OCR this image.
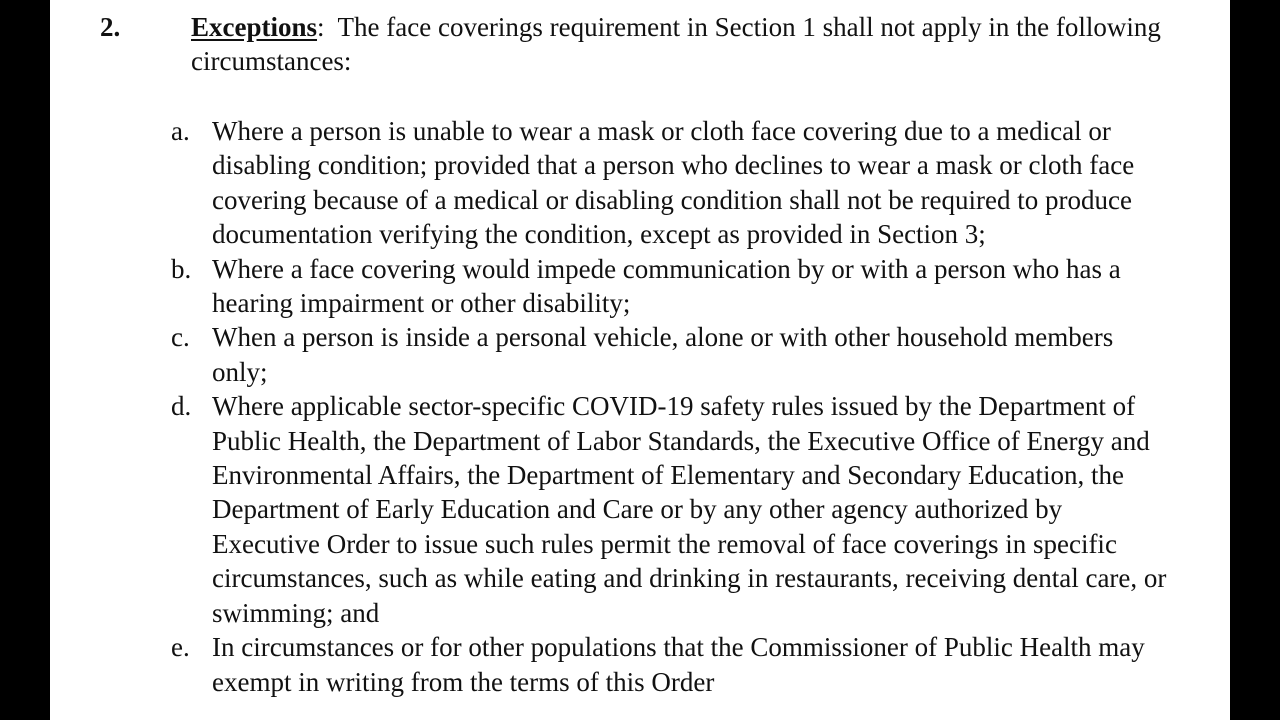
2.	Exceptions: The face coverings requirement in Section 1 shall not apply in the following circumstances:

a. Where a person is unable to wear a mask or cloth face covering due to a medical or disabling condition; provided that a person who declines to wear a mask or cloth face covering because of a medical or disabling condition shall not be required to produce documentation verifying the condition, except as provided in Section 3;
b. Where a face covering would impede communication by or with a person who has a hearing impairment or other disability;
c. When a person is inside a personal vehicle, alone or with other household members only;
d. Where applicable sector-specific COVID-19 safety rules issued by the Department of Public Health, the Department of Labor Standards, the Executive Office of Energy and Environmental Affairs, the Department of Elementary and Secondary Education, the Department of Early Education and Care or by any other agency authorized by Executive Order to issue such rules permit the removal of face coverings in specific circumstances, such as while eating and drinking in restaurants, receiving dental care, or swimming; and
e. In circumstances or for other populations that the Commissioner of Public Health may exempt in writing from the terms of this Order
